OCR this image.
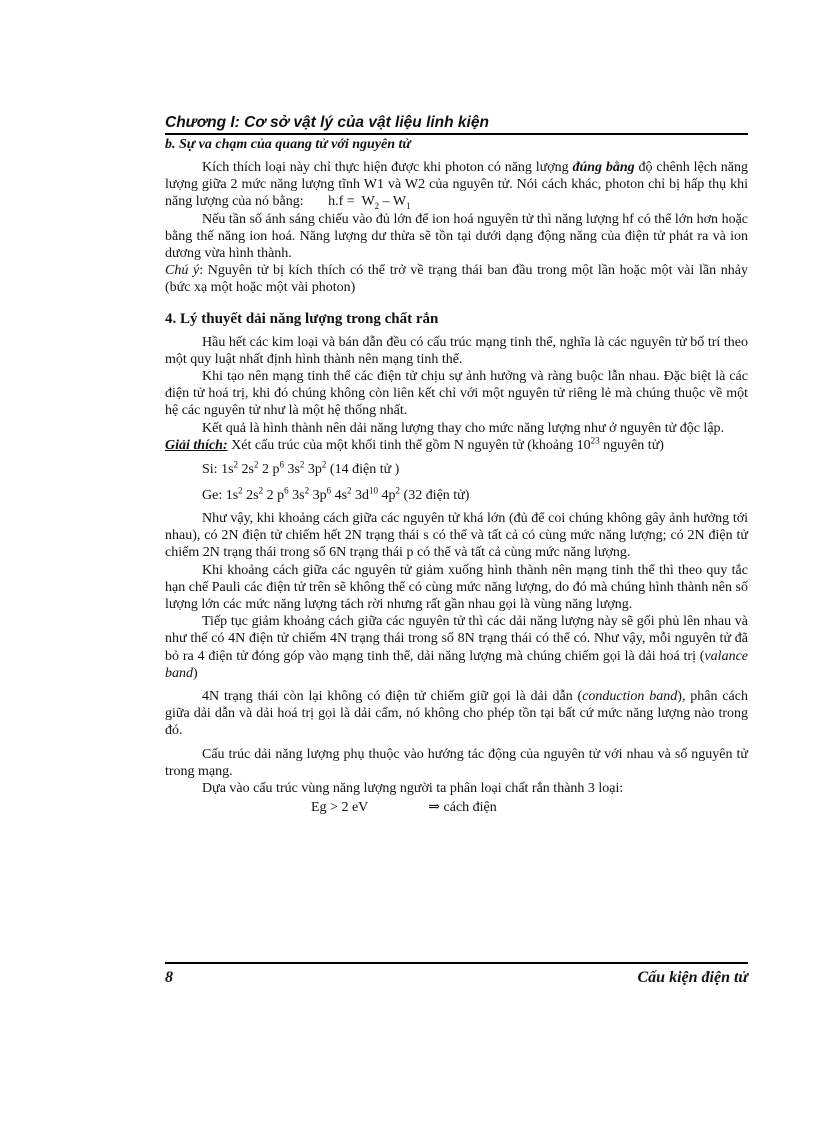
Chương I: Cơ sở vật lý của vật liệu linh kiện
b. Sự va chạm của quang tử với nguyên tử

Kích thích loại này chỉ thực hiện được khi photon có năng lượng đúng bằng độ chênh lệch năng lượng giữa 2 mức năng lượng tĩnh W1 và W2 của nguyên tử. Nói cách khác, photon chỉ bị hấp thụ khi năng lượng của nó bằng: $h.f = W_2 - W_1$

Nếu tần số ánh sáng chiếu vào đủ lớn để ion hoá nguyên tử thì năng lượng hf có thể lớn hơn hoặc bằng thế năng ion hoá. Năng lượng dư thừa sẽ tồn tại dưới dạng động năng của điện tử phát ra và ion dương vừa hình thành.

Chú ý: Nguyên tử bị kích thích có thể trở về trạng thái ban đầu trong một lần hoặc một vài lần nhảy (bức xạ một hoặc một vài photon)

4. Lý thuyết dải năng lượng trong chất rắn

Hầu hết các kim loại và bán dẫn đều có cấu trúc mạng tinh thể, nghĩa là các nguyên tử bố trí theo một quy luật nhất định hình thành nên mạng tinh thể.

Khi tạo nên mạng tinh thể các điện tử chịu sự ảnh hưởng và ràng buộc lẫn nhau. Đặc biệt là các điện tử hoá trị, khi đó chúng không còn liên kết chỉ với một nguyên tử riêng lẻ mà chúng thuộc về một hệ các nguyên tử như là một hệ thống nhất.

Kết quả là hình thành nên dải năng lượng thay cho mức năng lượng như ở nguyên tử độc lập.

Giải thích: Xét cấu trúc của một khối tinh thể gồm N nguyên tử (khoảng $10^{23}$ nguyên tử)

Si: $1s^2$ $2s^2$ 2 $p^6$ $3s^2$ $3p^2$ (14 điện tử )
Ge: $1s^2$ $2s^2$ 2 $p^6$ $3s^2$ $3p^6$ $4s^2$ $3d^{10}$ $4p^2$ (32 điện tử)

Như vậy, khi khoảng cách giữa các nguyên tử khá lớn (đủ để coi chúng không gây ảnh hưởng tới nhau), có 2N điện tử chiếm hết 2N trạng thái s có thể và tất cả có cùng mức năng lượng; có 2N điện tử chiếm 2N trạng thái trong số 6N trạng thái p có thể và tất cả cùng mức năng lượng.

Khi khoảng cách giữa các nguyên tử giảm xuống hình thành nên mạng tinh thể thì theo quy tắc hạn chế Pauli các điện tử trên sẽ không thể có cùng mức năng lượng, do đó mà chúng hình thành nên số lượng lớn các mức năng lượng tách rời nhưng rất gần nhau gọi là vùng năng lượng.

Tiếp tục giảm khoảng cách giữa các nguyên tử thì các dải năng lượng này sẽ gối phủ lên nhau và như thế có 4N điện tử chiếm 4N trạng thái trong số 8N trạng thái có thể có. Như vậy, mỗi nguyên tử đã bỏ ra 4 điện tử đóng góp vào mạng tinh thể, dải năng lượng mà chúng chiếm gọi là dải hoá trị (valance band)

4N trạng thái còn lại không có điện tử chiếm giữ gọi là dải dẫn (conduction band), phân cách giữa dải dẫn và dải hoá trị gọi là dải cấm, nó không cho phép tồn tại bất cứ mức năng lượng nào trong đó.

Cấu trúc dải năng lượng phụ thuộc vào hướng tác động của nguyên tử với nhau và số nguyên tử trong mạng.

Dựa vào cấu trúc vùng năng lượng người ta phân loại chất rắn thành 3 loại:

Eg > 2 eV	⇒ cách điện
8	Cấu kiện điện tử
